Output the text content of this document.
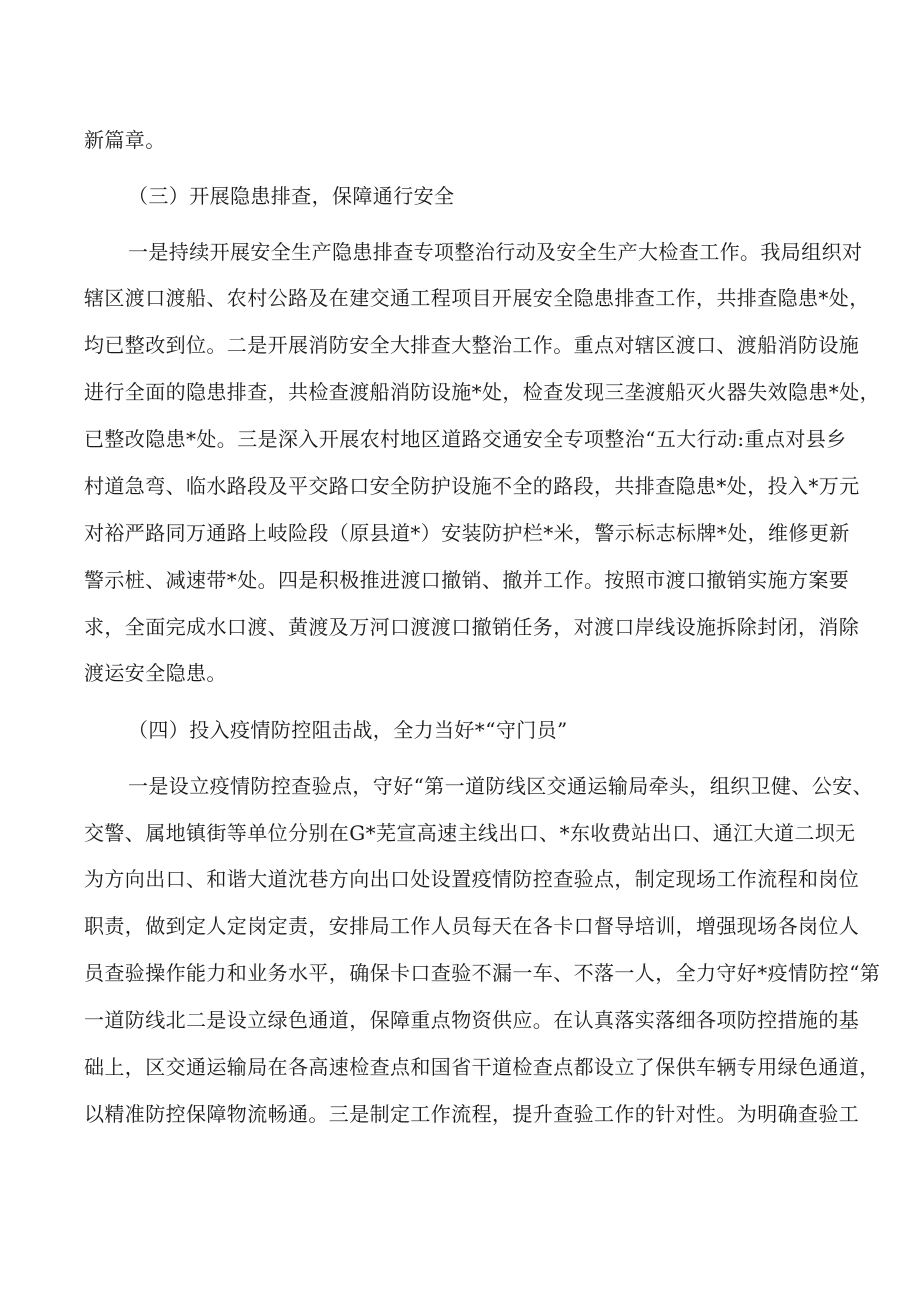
新篇章。
（三）开展隐患排查，保障通行安全
一是持续开展安全生产隐患排查专项整治行动及安全生产大检查工作。我局组织对
辖区渡口渡船、农村公路及在建交通工程项目开展安全隐患排查工作，共排查隐患*处，
均已整改到位。二是开展消防安全大排查大整治工作。重点对辖区渡口、渡船消防设施
进行全面的隐患排查，共检查渡船消防设施*处，检查发现三垄渡船灭火器失效隐患*处，
已整改隐患*处。三是深入开展农村地区道路交通安全专项整治“五大行动:重点对县乡
村道急弯、临水路段及平交路口安全防护设施不全的路段，共排查隐患*处，投入*万元
对裕严路同万通路上岐险段（原县道*）安装防护栏*米，警示标志标牌*处，维修更新
警示桩、减速带*处。四是积极推进渡口撤销、撤并工作。按照市渡口撤销实施方案要
求，全面完成水口渡、黄渡及万河口渡渡口撤销任务，对渡口岸线设施拆除封闭，消除
渡运安全隐患。
（四）投入疫情防控阻击战，全力当好*“守门员”
一是设立疫情防控查验点，守好“第一道防线区交通运输局牵头，组织卫健、公安、
交警、属地镇街等单位分别在G*芜宣高速主线出口、*东收费站出口、通江大道二坝无
为方向出口、和谐大道沈巷方向出口处设置疫情防控查验点，制定现场工作流程和岗位
职责，做到定人定岗定责，安排局工作人员每天在各卡口督导培训，增强现场各岗位人
员查验操作能力和业务水平，确保卡口查验不漏一车、不落一人，全力守好*疫情防控“第
一道防线北二是设立绿色通道，保障重点物资供应。在认真落实落细各项防控措施的基
础上，区交通运输局在各高速检查点和国省干道检查点都设立了保供车辆专用绿色通道，
以精准防控保障物流畅通。三是制定工作流程，提升查验工作的针对性。为明确查验工
